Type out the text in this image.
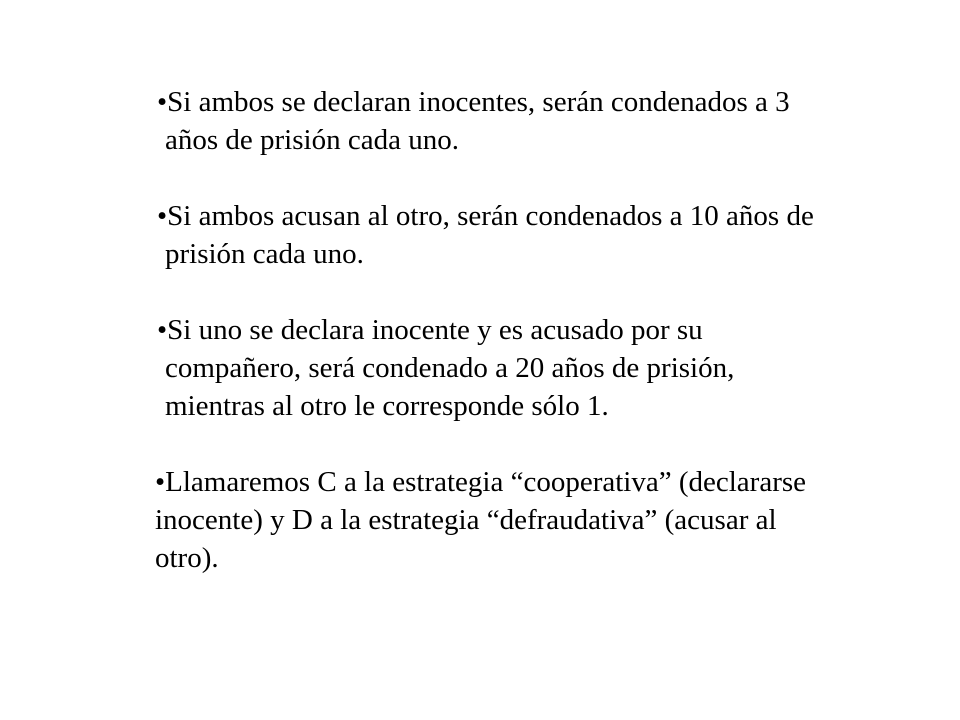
•Si ambos se declaran inocentes, serán condenados a 3
años de prisión cada uno.
•Si ambos acusan al otro, serán condenados a 10 años de
prisión cada uno.
•Si uno se declara inocente y es acusado por su
compañero, será condenado a 20 años de prisión,
mientras al otro le corresponde sólo 1.
•Llamaremos C a la estrategia “cooperativa” (declararse
inocente) y D a la estrategia “defraudativa” (acusar al
otro).
